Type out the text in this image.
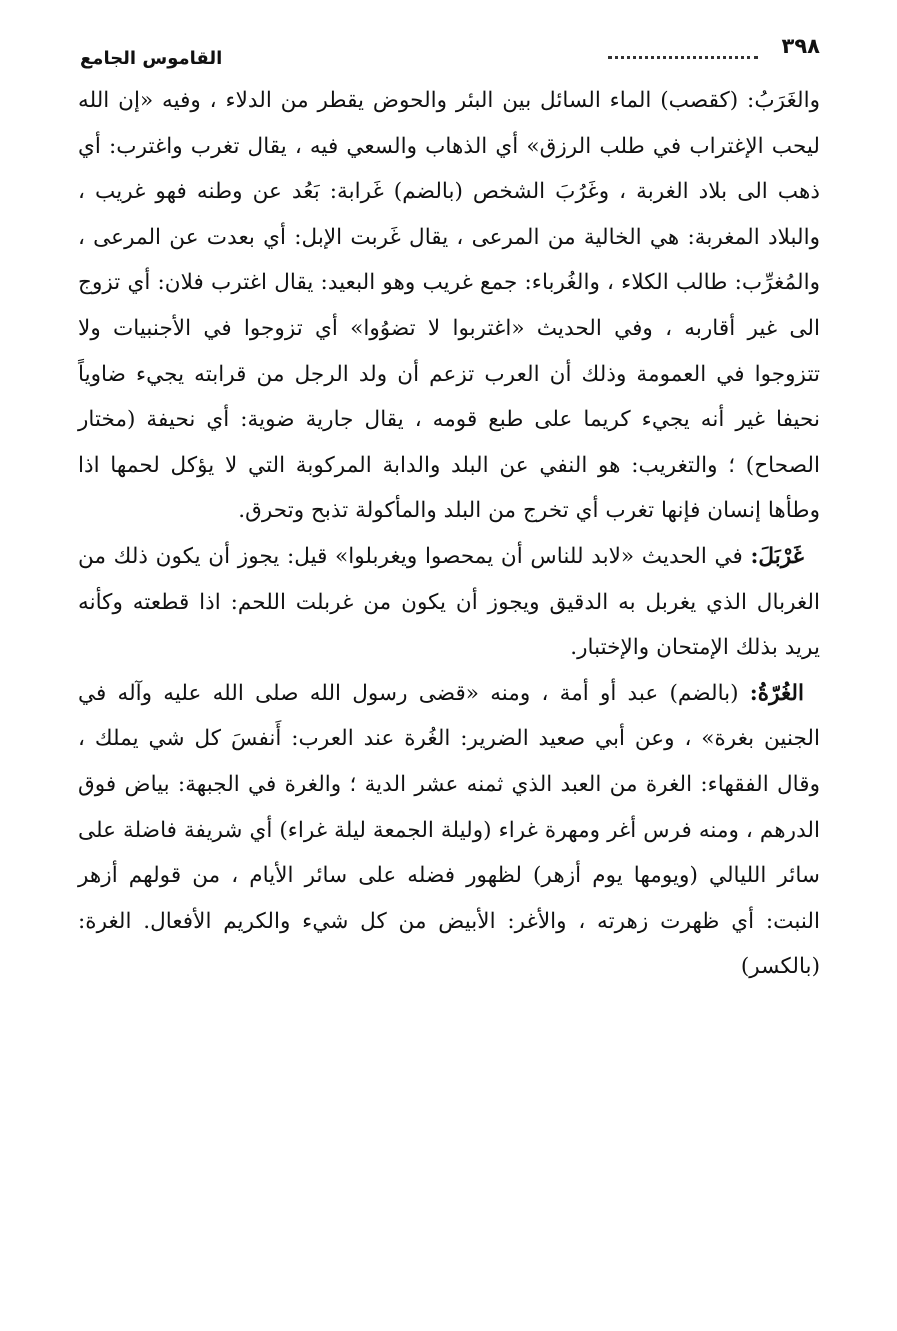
٣٩٨
القاموس الجامع

والغَرَبُ: (كقصب) الماء السائل بين البئر والحوض يقطر من الدلاء ، وفيه «إن الله ليحب الإغتراب في طلب الرزق» أي الذهاب والسعي فيه ، يقال تغرب واغترب: أي ذهب الى بلاد الغربة ، وغَرُبَ الشخص (بالضم) غَرابة: بَعُد عن وطنه فهو غريب ، والبلاد المغربة: هي الخالية من المرعى ، يقال غَربت الإبل: أي بعدت عن المرعى ، والمُغرِّب: طالب الكلاء ، والغُرباء: جمع غريب وهو البعيد: يقال اغترب فلان: أي تزوج الى غير أقاربه ، وفي الحديث «اغتربوا لا تضوُوا» أي تزوجوا في الأجنبيات ولا تتزوجوا في العمومة وذلك أن العرب تزعم أن ولد الرجل من قرابته يجيء ضاوياً نحيفا غير أنه يجيء كريما على طبع قومه ، يقال جارية ضوية: أي نحيفة (مختار الصحاح) ؛ والتغريب: هو النفي عن البلد والدابة المركوبة التي لا يؤكل لحمها اذا وطأها إنسان فإنها تغرب أي تخرج من البلد والمأكولة تذبح وتحرق.

غَرْبَلَ: في الحديث «لابد للناس أن يمحصوا ويغربلوا» قيل: يجوز أن يكون ذلك من الغربال الذي يغربل به الدقيق ويجوز أن يكون من غربلت اللحم: اذا قطعته وكأنه يريد بذلك الإمتحان والإختبار.

الغُرّةُ: (بالضم) عبد أو أمة ، ومنه «قضى رسول الله صلى الله عليه وآله في الجنين بغرة» ، وعن أبي صعيد الضرير: الغُرة عند العرب: أَنفسَ كل شي يملك ، وقال الفقهاء: الغرة من العبد الذي ثمنه عشر الدية ؛ والغرة في الجبهة: بياض فوق الدرهم ، ومنه فرس أغر ومهرة غراء (وليلة الجمعة ليلة غراء) أي شريفة فاضلة على سائر الليالي (ويومها يوم أزهر) لظهور فضله على سائر الأيام ، من قولهم أزهر النبت: أي ظهرت زهرته ، والأغر: الأبيض من كل شيء والكريم الأفعال. الغرة: (بالكسر)
